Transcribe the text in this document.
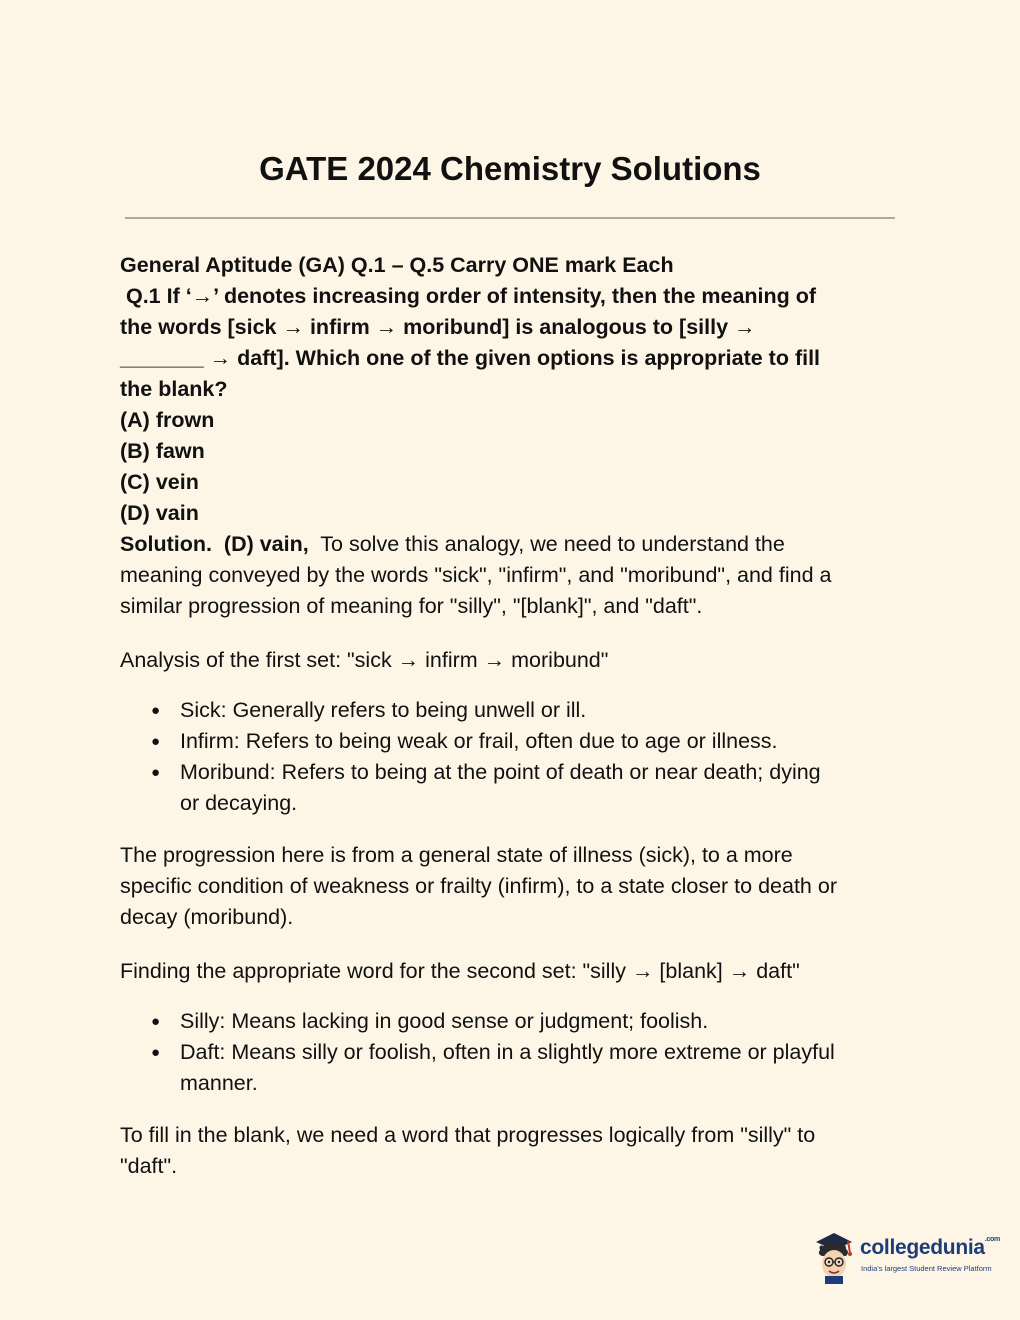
GATE 2024 Chemistry Solutions

General Aptitude (GA) Q.1 – Q.5 Carry ONE mark Each

Q.1 If ‘→’ denotes increasing order of intensity, then the meaning of

the words [sick → infirm → moribund] is analogous to [silly →

_______ → daft]. Which one of the given options is appropriate to fill

the blank?

(A) frown

(B) fawn

(C) vein

(D) vain

Solution. (D) vain, To solve this analogy, we need to understand the

meaning conveyed by the words "sick", "infirm", and "moribund", and find a

similar progression of meaning for "silly", "[blank]", and "daft".

Analysis of the first set: "sick → infirm → moribund"

● Sick: Generally refers to being unwell or ill.
● Infirm: Refers to being weak or frail, often due to age or illness.
● Moribund: Refers to being at the point of death or near death; dying
or decaying.

The progression here is from a general state of illness (sick), to a more

specific condition of weakness or frailty (infirm), to a state closer to death or

decay (moribund).

Finding the appropriate word for the second set: "silly → [blank] → daft"

● Silly: Means lacking in good sense or judgment; foolish.
● Daft: Means silly or foolish, often in a slightly more extreme or playful
manner.

To fill in the blank, we need a word that progresses logically from "silly" to

"daft".

collegedunia$^{.com}$
India's largest Student Review Platform
